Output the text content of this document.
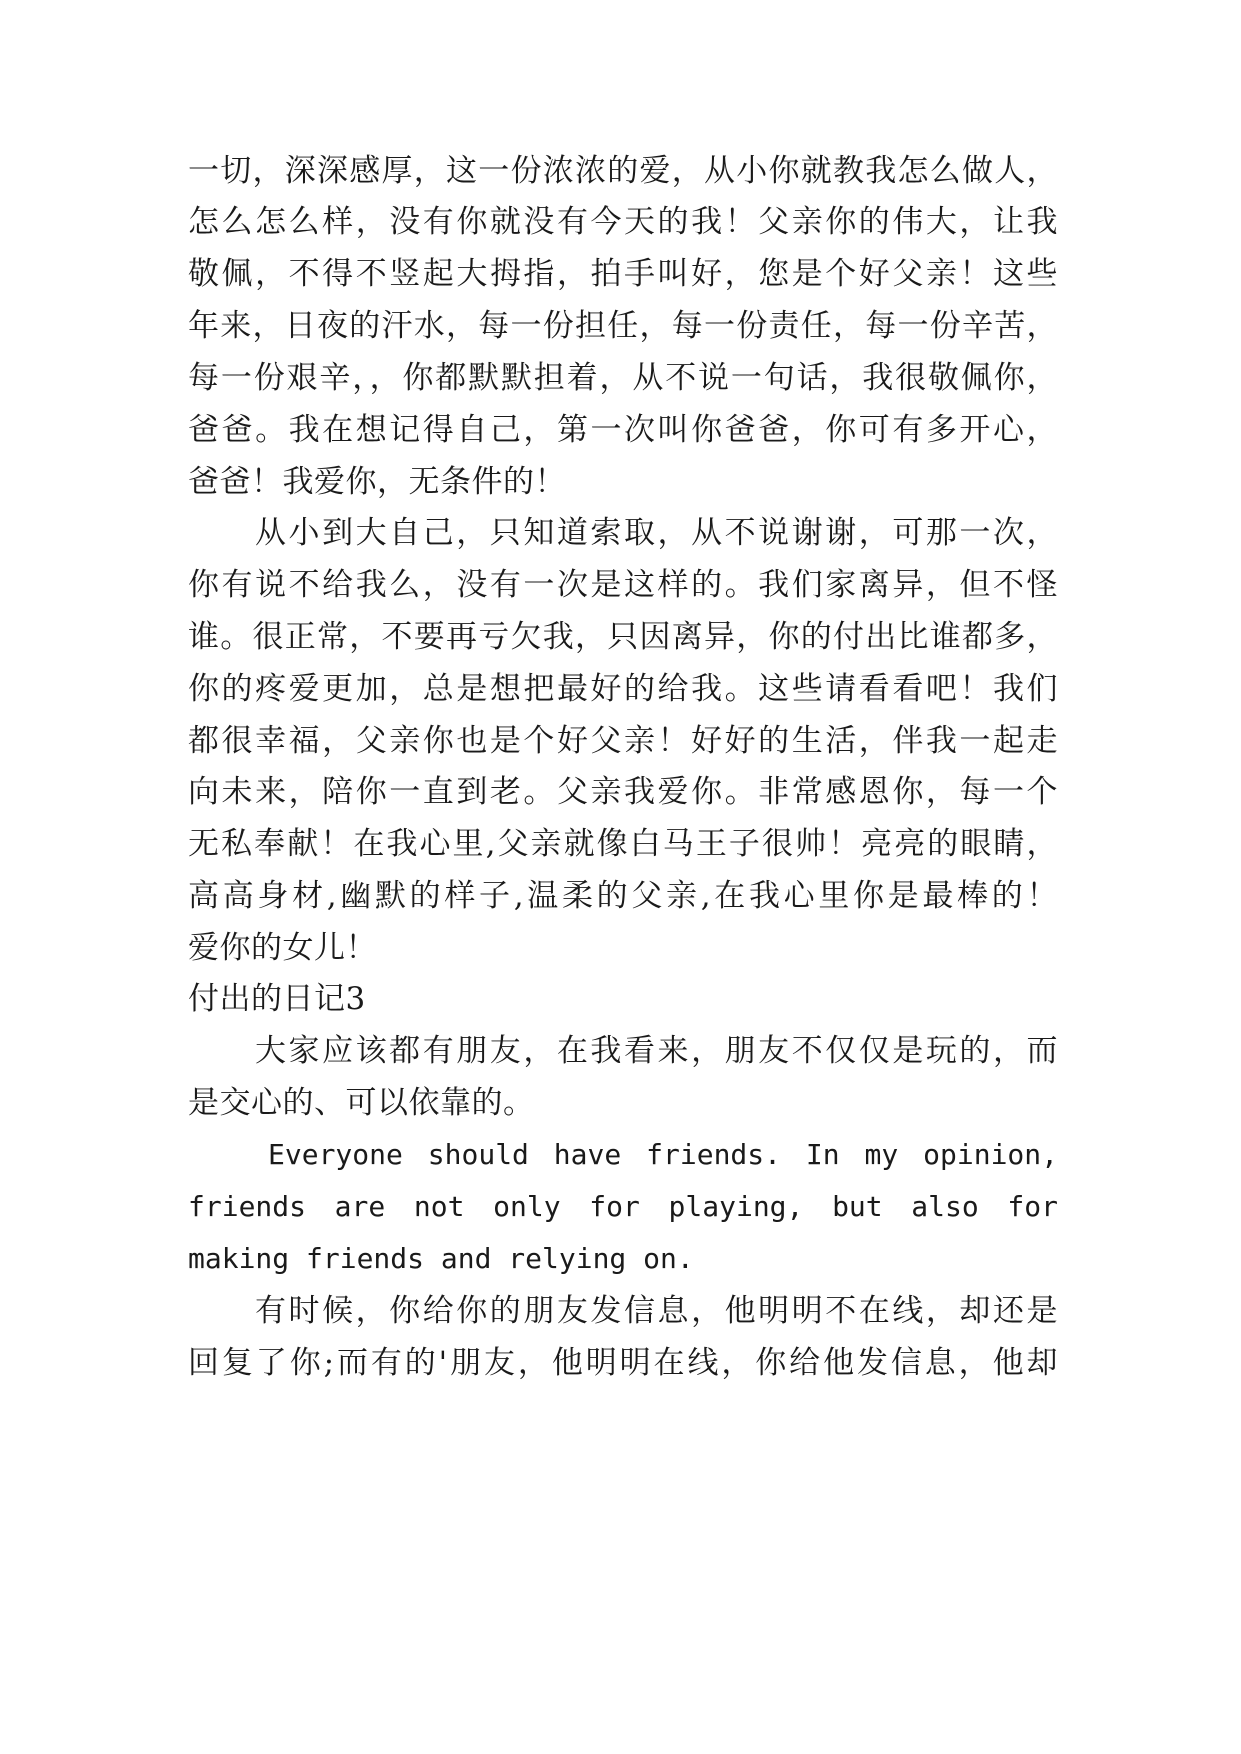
一切，深深感厚，这一份浓浓的爱，从小你就教我怎么做人，
怎么怎么样，没有你就没有今天的我！父亲你的伟大，让我
敬佩，不得不竖起大拇指，拍手叫好，您是个好父亲！这些
年来，日夜的汗水，每一份担任，每一份责任，每一份辛苦，
每一份艰辛，，你都默默担着，从不说一句话，我很敬佩你，
爸爸。我在想记得自己，第一次叫你爸爸，你可有多开心，
爸爸！我爱你，无条件的！
从小到大自己，只知道索取，从不说谢谢，可那一次，
你有说不给我么，没有一次是这样的。我们家离异，但不怪
谁。很正常，不要再亏欠我，只因离异，你的付出比谁都多，
你的疼爱更加，总是想把最好的给我。这些请看看吧！我们
都很幸福，父亲你也是个好父亲！好好的生活，伴我一起走
向未来，陪你一直到老。父亲我爱你。非常感恩你，每一个
无私奉献！在我心里,父亲就像白马王子很帅！亮亮的眼睛，
高高身材,幽默的样子,温柔的父亲,在我心里你是最棒的！
爱你的女儿！
付出的日记3
大家应该都有朋友，在我看来，朋友不仅仅是玩的，而
是交心的、可以依靠的。
Everyone should have friends. In my opinion,
friends are not only for playing, but also for
making friends and relying on.
有时候，你给你的朋友发信息，他明明不在线，却还是
回复了你;而有的'朋友，他明明在线，你给他发信息，他却
